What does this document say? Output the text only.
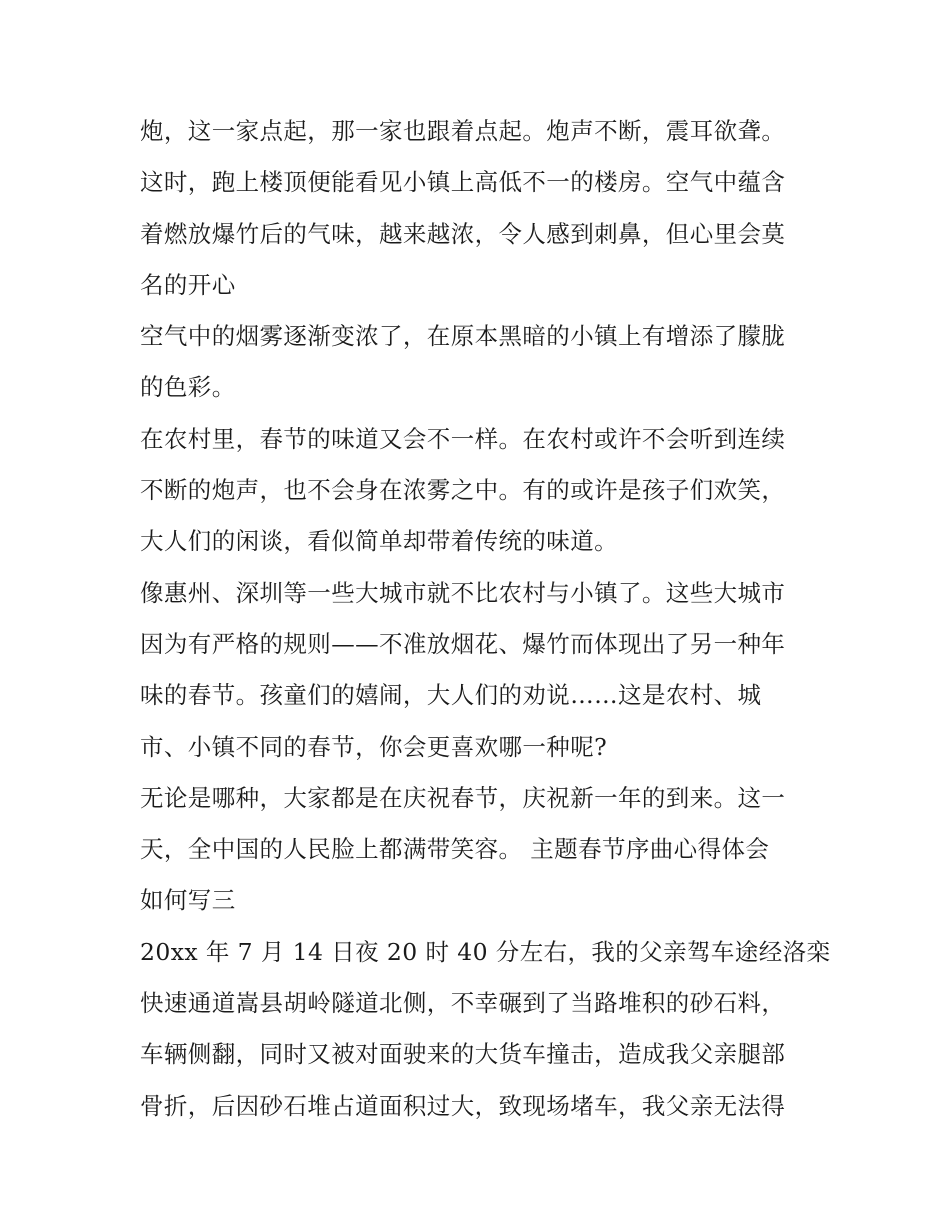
炮，这一家点起，那一家也跟着点起。炮声不断，震耳欲聋。
这时，跑上楼顶便能看见小镇上高低不一的楼房。空气中蕴含
着燃放爆竹后的气味，越来越浓，令人感到刺鼻，但心里会莫
名的开心
空气中的烟雾逐渐变浓了，在原本黑暗的小镇上有增添了朦胧
的色彩。
在农村里，春节的味道又会不一样。在农村或许不会听到连续
不断的炮声，也不会身在浓雾之中。有的或许是孩子们欢笑，
大人们的闲谈，看似简单却带着传统的味道。
像惠州、深圳等一些大城市就不比农村与小镇了。这些大城市
因为有严格的规则——不准放烟花、爆竹而体现出了另一种年
味的春节。孩童们的嬉闹，大人们的劝说……这是农村、城
市、小镇不同的春节，你会更喜欢哪一种呢?
无论是哪种，大家都是在庆祝春节，庆祝新一年的到来。这一
天，全中国的人民脸上都满带笑容。 主题春节序曲心得体会
如何写三
20xx 年 7 月 14 日夜 20 时 40 分左右，我的父亲驾车途经洛栾
快速通道嵩县胡岭隧道北侧，不幸碾到了当路堆积的砂石料，
车辆侧翻，同时又被对面驶来的大货车撞击，造成我父亲腿部
骨折，后因砂石堆占道面积过大，致现场堵车，我父亲无法得
